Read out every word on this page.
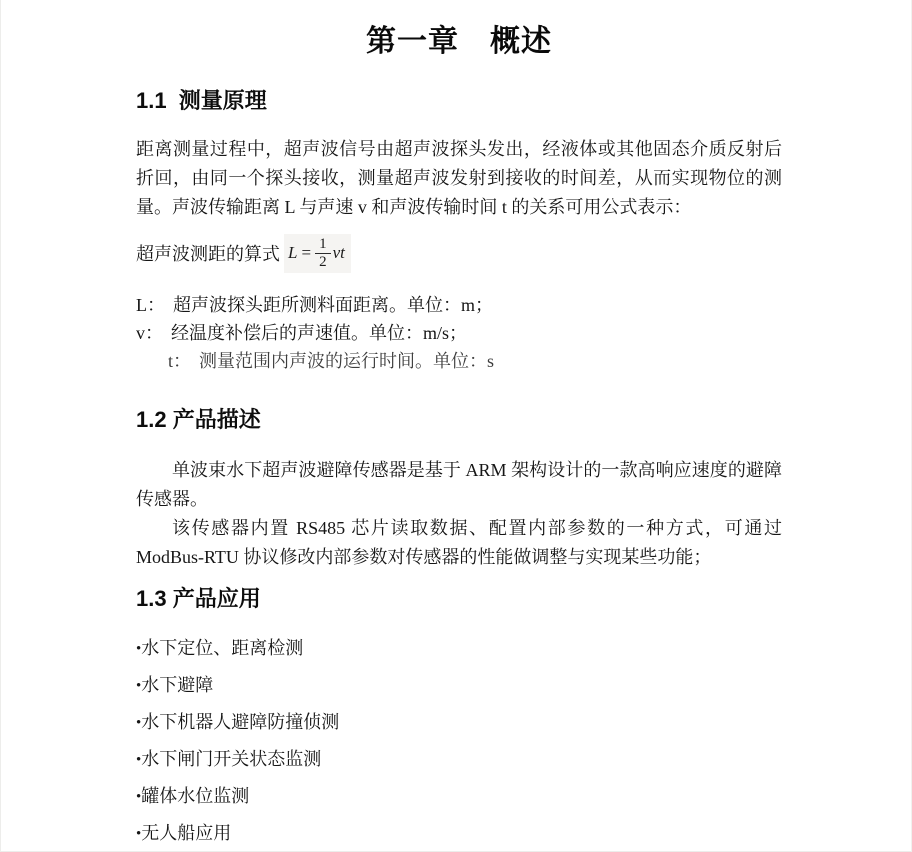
第一章　概述
1.1  测量原理
距离测量过程中，超声波信号由超声波探头发出，经液体或其他固态介质反射后折回，由同一个探头接收，测量超声波发射到接收的时间差，从而实现物位的测量。声波传输距离 L 与声速 v 和声波传输时间 t 的关系可用公式表示：
超声波测距的算式 $L = \frac{1}{2}$ vt
L： 超声波探头距所测料面距离。单位：m；
v： 经温度补偿后的声速值。单位：m/s；
t： 测量范围内声波的运行时间。单位：s
1.2 产品描述
单波束水下超声波避障传感器是基于 ARM 架构设计的一款高响应速度的避障传感器。
该传感器内置 RS485 芯片读取数据、配置内部参数的一种方式，可通过 ModBus-RTU 协议修改内部参数对传感器的性能做调整与实现某些功能；
1.3 产品应用
•水下定位、距离检测
•水下避障
•水下机器人避障防撞侦测
•水下闸门开关状态监测
•罐体水位监测
•无人船应用
